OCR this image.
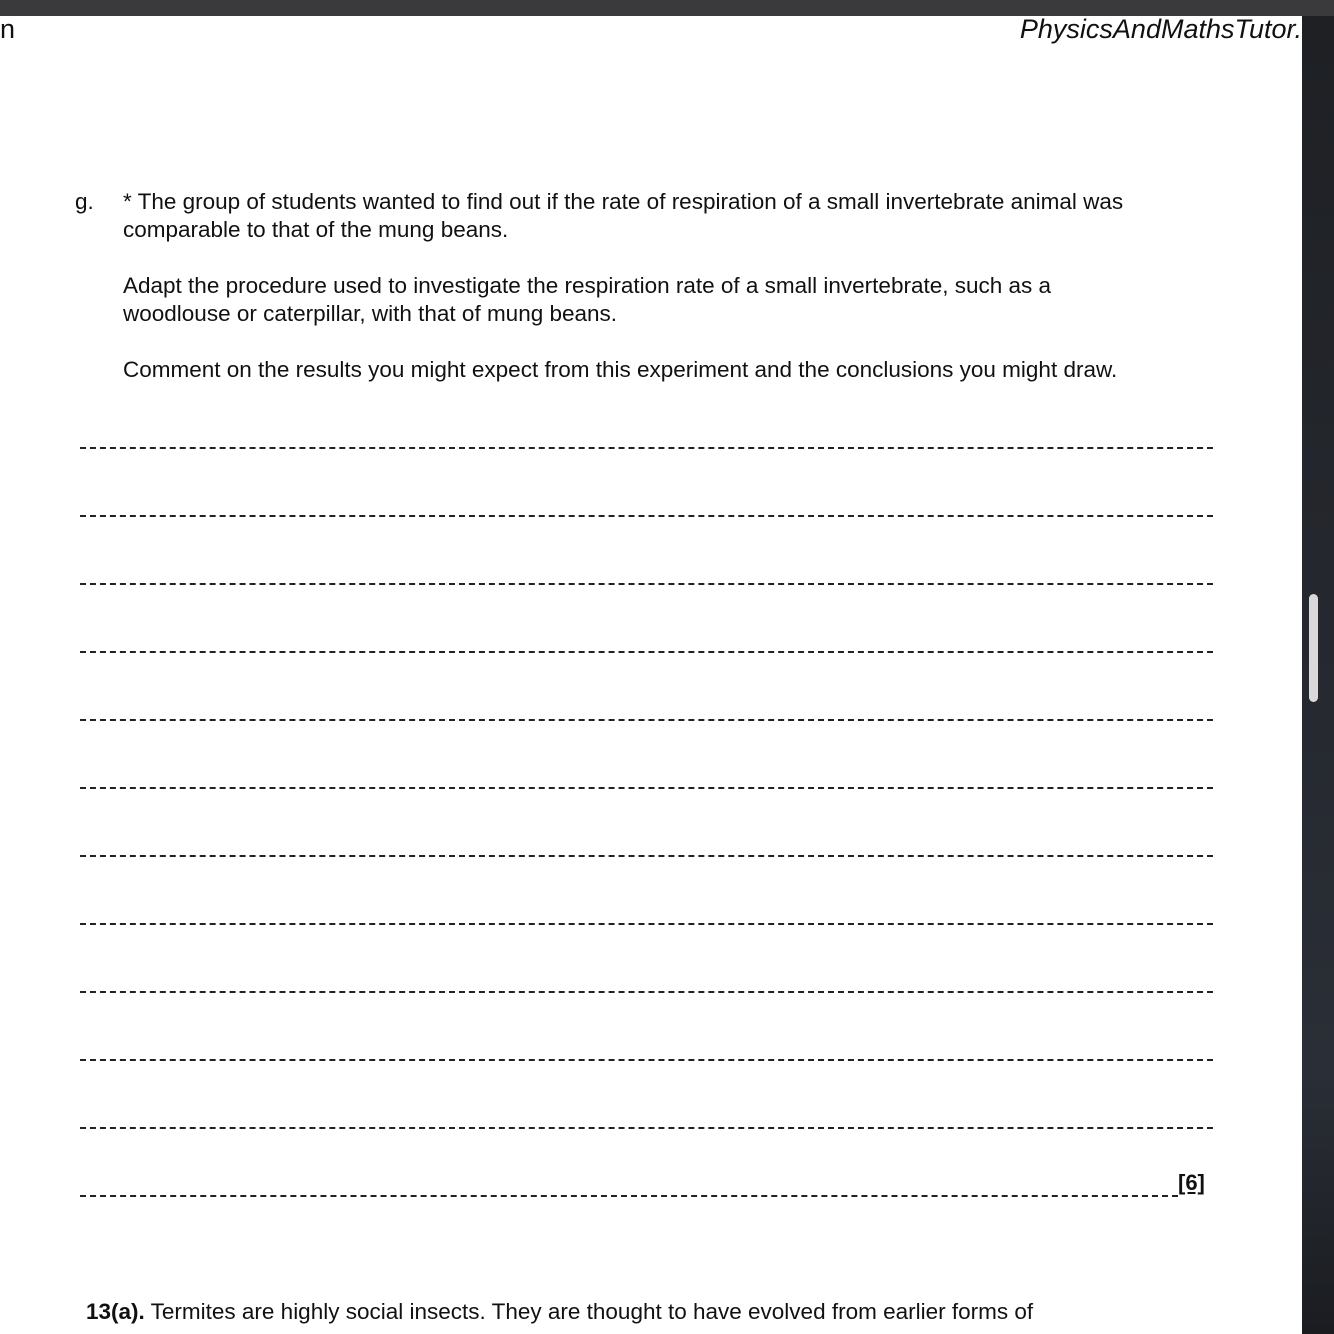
n	PhysicsAndMathsTutor.
g. * The group of students wanted to find out if the rate of respiration of a small invertebrate animal was comparable to that of the mung beans.
Adapt the procedure used to investigate the respiration rate of a small invertebrate, such as a woodlouse or caterpillar, with that of mung beans.
Comment on the results you might expect from this experiment and the conclusions you might draw.
[6]
13(a). Termites are highly social insects. They are thought to have evolved from earlier forms of
